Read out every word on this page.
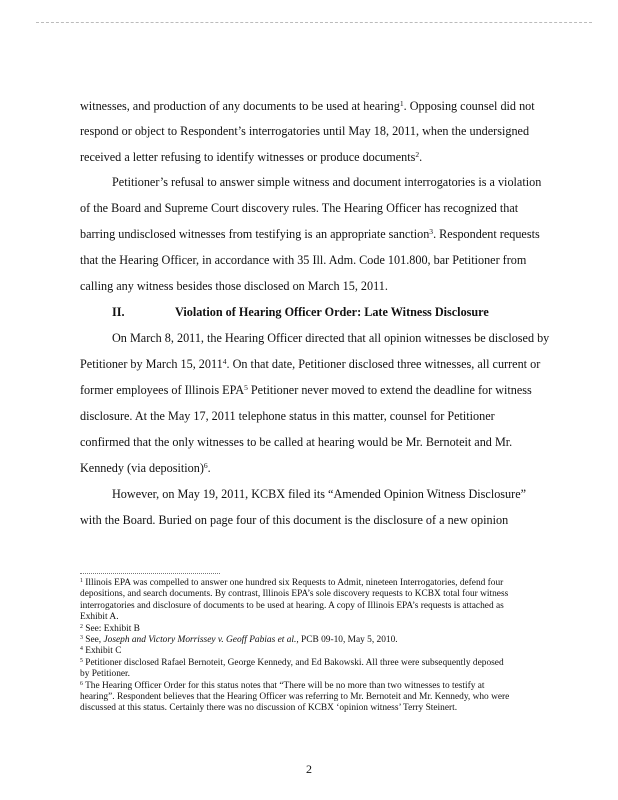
witnesses, and production of any documents to be used at hearing$^1$. Opposing counsel did not
respond or object to Respondent’s interrogatories until May 18, 2011, when the undersigned
received a letter refusing to identify witnesses or produce documents$^2$.
Petitioner’s refusal to answer simple witness and document interrogatories is a violation
of the Board and Supreme Court discovery rules. The Hearing Officer has recognized that
barring undisclosed witnesses from testifying is an appropriate sanction$^3$. Respondent requests
that the Hearing Officer, in accordance with 35 Ill. Adm. Code 101.800, bar Petitioner from
calling any witness besides those disclosed on March 15, 2011.
II.
On March 8, 2011, the Hearing Officer directed that all opinion witnesses be disclosed by
Petitioner by March 15, 2011$^4$. On that date, Petitioner disclosed three witnesses, all current or
former employees of Illinois EPA$^5$ Petitioner never moved to extend the deadline for witness
disclosure. At the May 17, 2011 telephone status in this matter, counsel for Petitioner
confirmed that the only witnesses to be called at hearing would be Mr. Bernoteit and Mr.
Kennedy (via deposition)$^6$.
However, on May 19, 2011, KCBX filed its “Amended Opinion Witness Disclosure”
with the Board. Buried on page four of this document is the disclosure of a new opinion
Violation of Hearing Officer Order: Late Witness Disclosure
$^1$ Illinois EPA was compelled to answer one hundred six Requests to Admit, nineteen Interrogatories, defend four
depositions, and search documents. By contrast, Illinois EPA’s sole discovery requests to KCBX total four witness
interrogatories and disclosure of documents to be used at hearing. A copy of Illinois EPA’s requests is attached as
Exhibit A.
$^2$ See: Exhibit B
$^3$ See, Joseph and Victory Morrissey v. Geoff Pabias et al., PCB 09-10, May 5, 2010.
$^4$ Exhibit C
$^5$ Petitioner disclosed Rafael Bernoteit, George Kennedy, and Ed Bakowski. All three were subsequently deposed
by Petitioner.
$^6$ The Hearing Officer Order for this status notes that “There will be no more than two witnesses to testify at
hearing”. Respondent believes that the Hearing Officer was referring to Mr. Bernoteit and Mr. Kennedy, who were
discussed at this status. Certainly there was no discussion of KCBX ‘opinion witness’ Terry Steinert.
2
